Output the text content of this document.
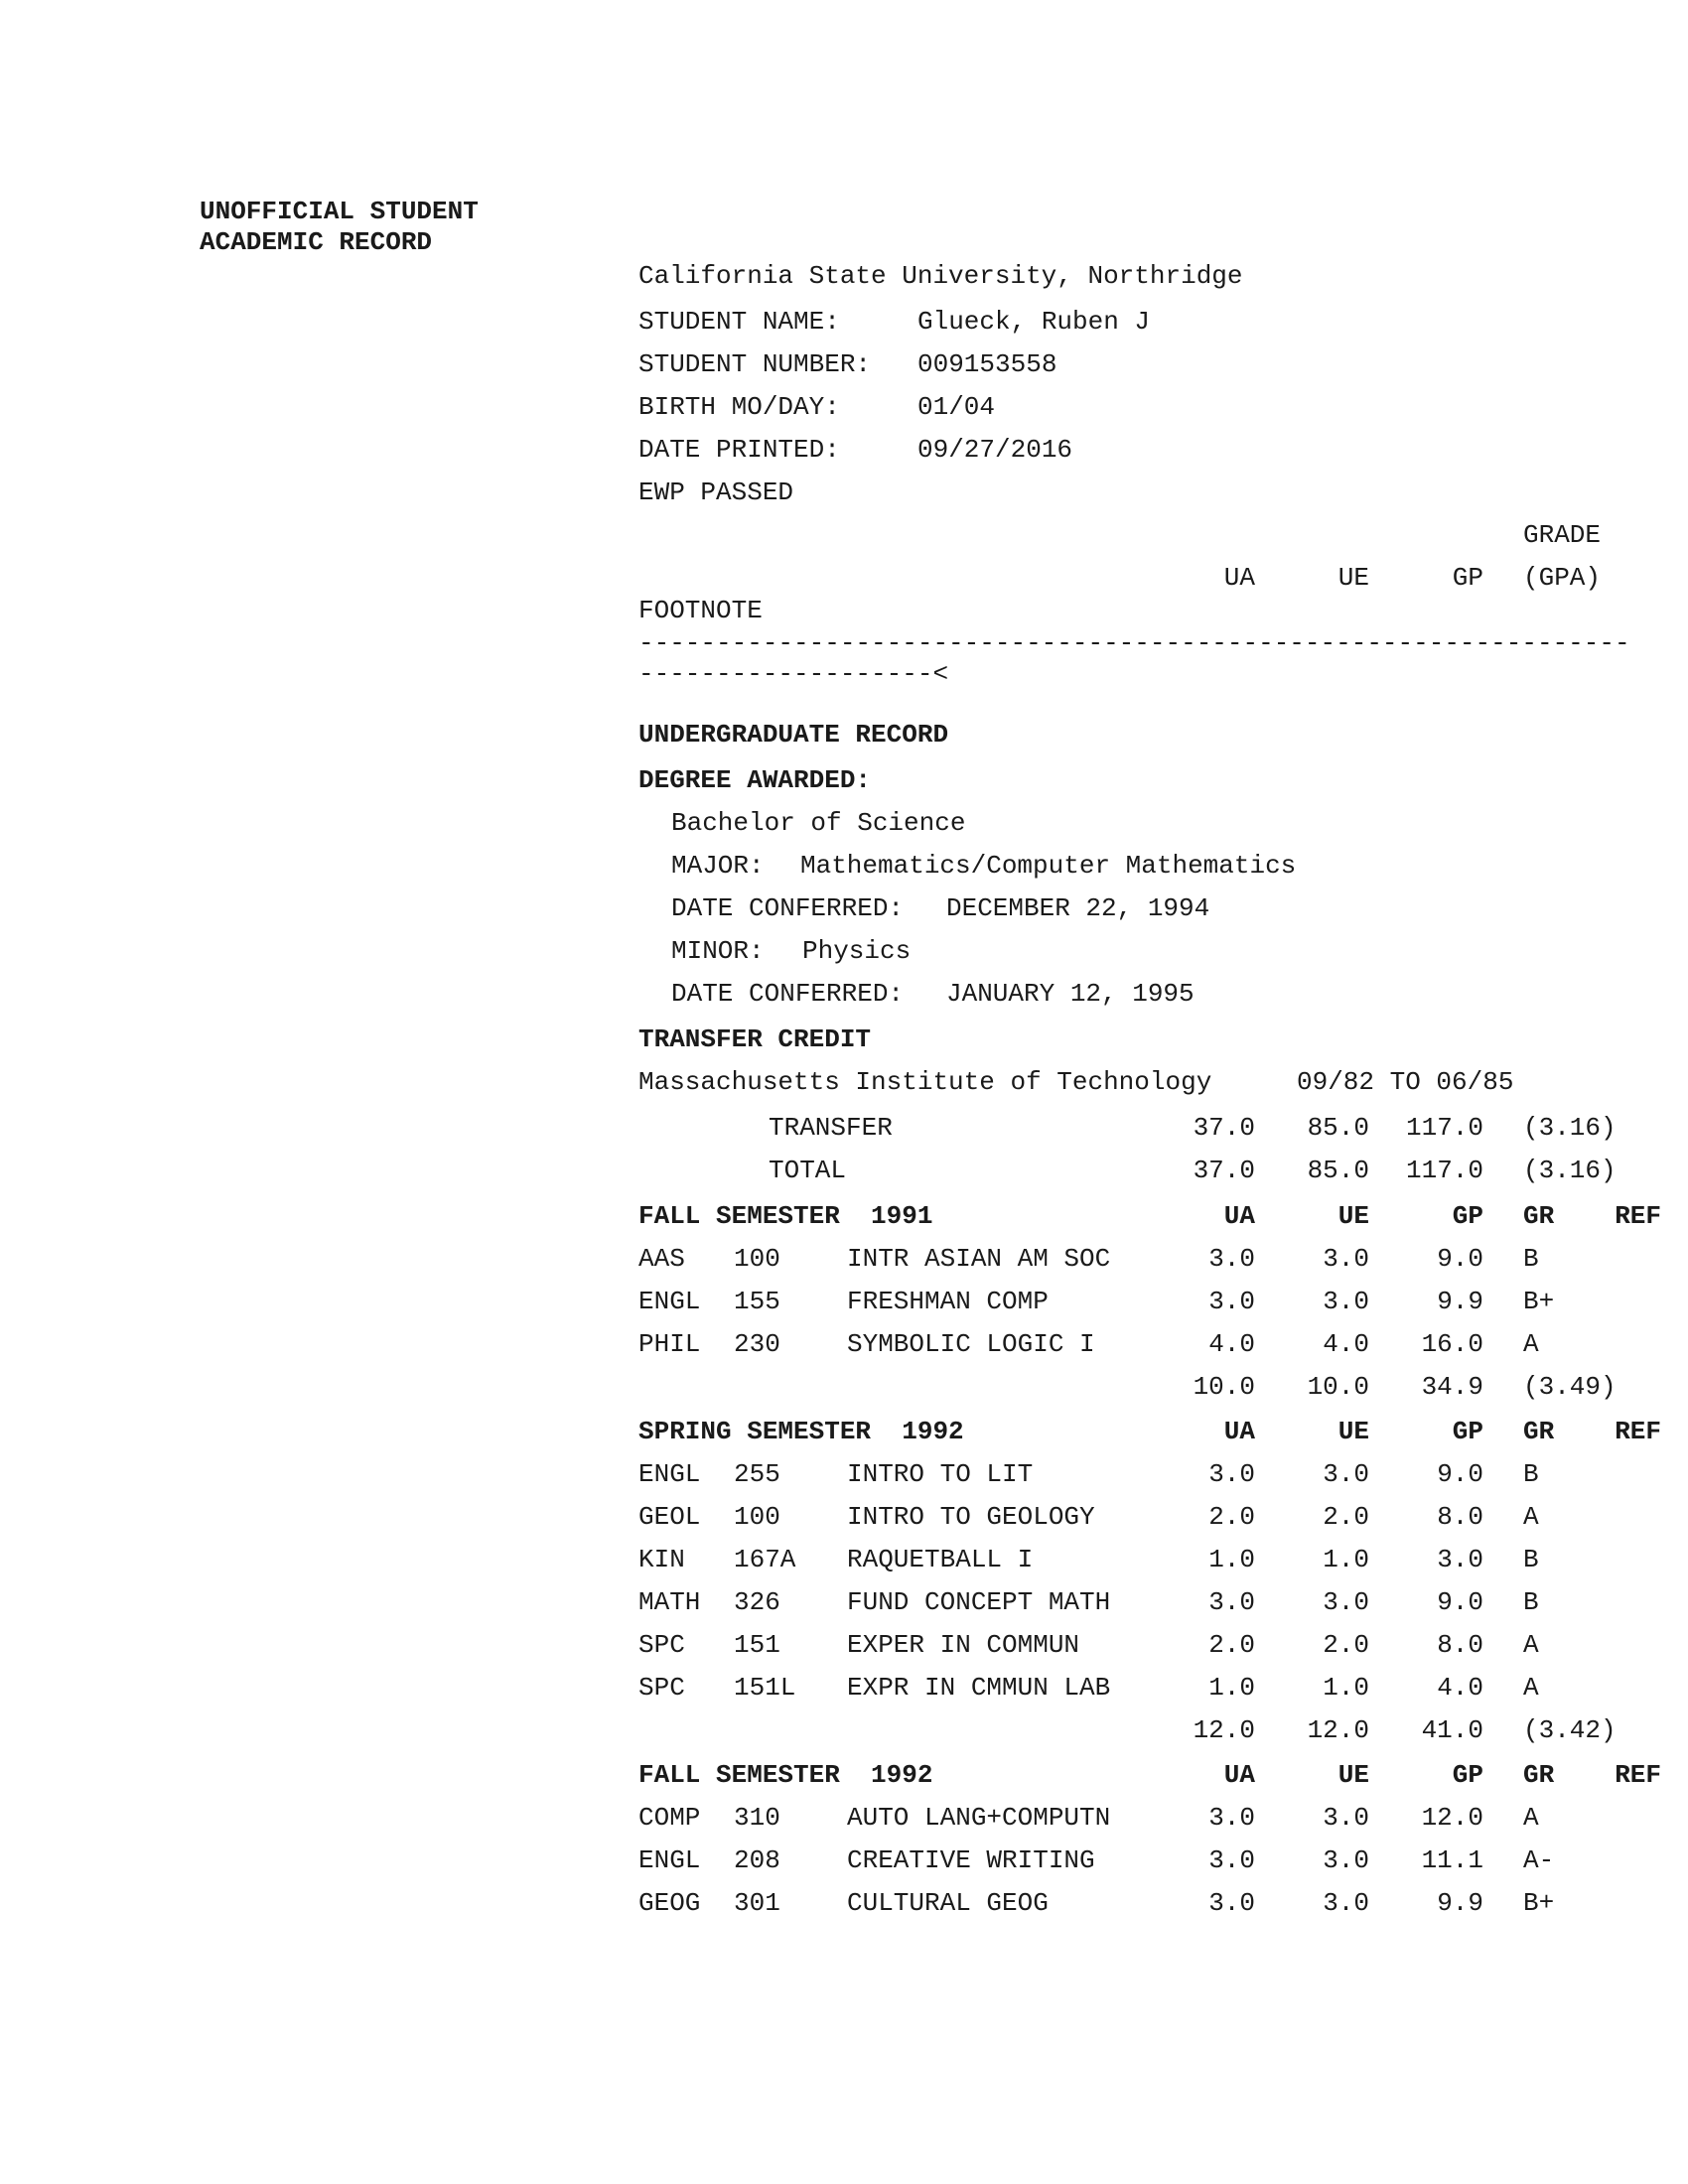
UNOFFICIAL STUDENT
ACADEMIC RECORD

California State University, Northridge

STUDENT NAME:

	Glueck, Ruben J

STUDENT NUMBER:

009153558

BIRTH MO/DAY:

	01/04

DATE PRINTED:

	09/27/2016

EWP PASSED

GRADE

UA

	UE

	GP

(GPA)

FOOTNOTE

----------------------------------------------------------------

-------------------<

UNDERGRADUATE RECORD

DEGREE AWARDED:

Bachelor of Science

MAJOR:

Mathematics/Computer Mathematics

DATE CONFERRED:

DECEMBER 22, 1994

MINOR:

Physics

DATE CONFERRED:

JANUARY 12, 1995

TRANSFER CREDIT

Massachusetts Institute of Technology

	09/82 TO 06/85

TRANSFER	37.0	85.0	117.0 (3.16)
TOTAL	37.0	85.0	117.0 (3.16)

FALL SEMESTER  1991	UA	UE	GP GR	REF
AAS 100	INTR ASIAN AM SOC	3.0	3.0	9.0 B
ENGL 155	FRESHMAN COMP	3.0	3.0	9.9 B+
PHIL 230	SYMBOLIC LOGIC I	4.0	4.0	16.0 A
10.0	10.0	34.9 (3.49)
SPRING SEMESTER  1992	UA	UE	GP GR	REF
ENGL 255	INTRO TO LIT	3.0	3.0	9.0 B
GEOL 100	INTRO TO GEOLOGY	2.0	2.0	8.0 A
KIN 167A RAQUETBALL I	1.0	1.0	3.0 B
MATH 326	FUND CONCEPT MATH	3.0	3.0	9.0 B
SPC 151	EXPER IN COMMUN	2.0	2.0	8.0 A
SPC 151L EXPR IN CMMUN LAB	1.0	1.0	4.0 A
12.0	12.0	41.0 (3.42)
FALL SEMESTER  1992	UA	UE	GP GR	REF
COMP 310	AUTO LANG+COMPUTN	3.0	3.0	12.0 A
ENGL 208	CREATIVE WRITING	3.0	3.0	11.1 A-
GEOG 301	CULTURAL GEOG	3.0	3.0	9.9 B+
